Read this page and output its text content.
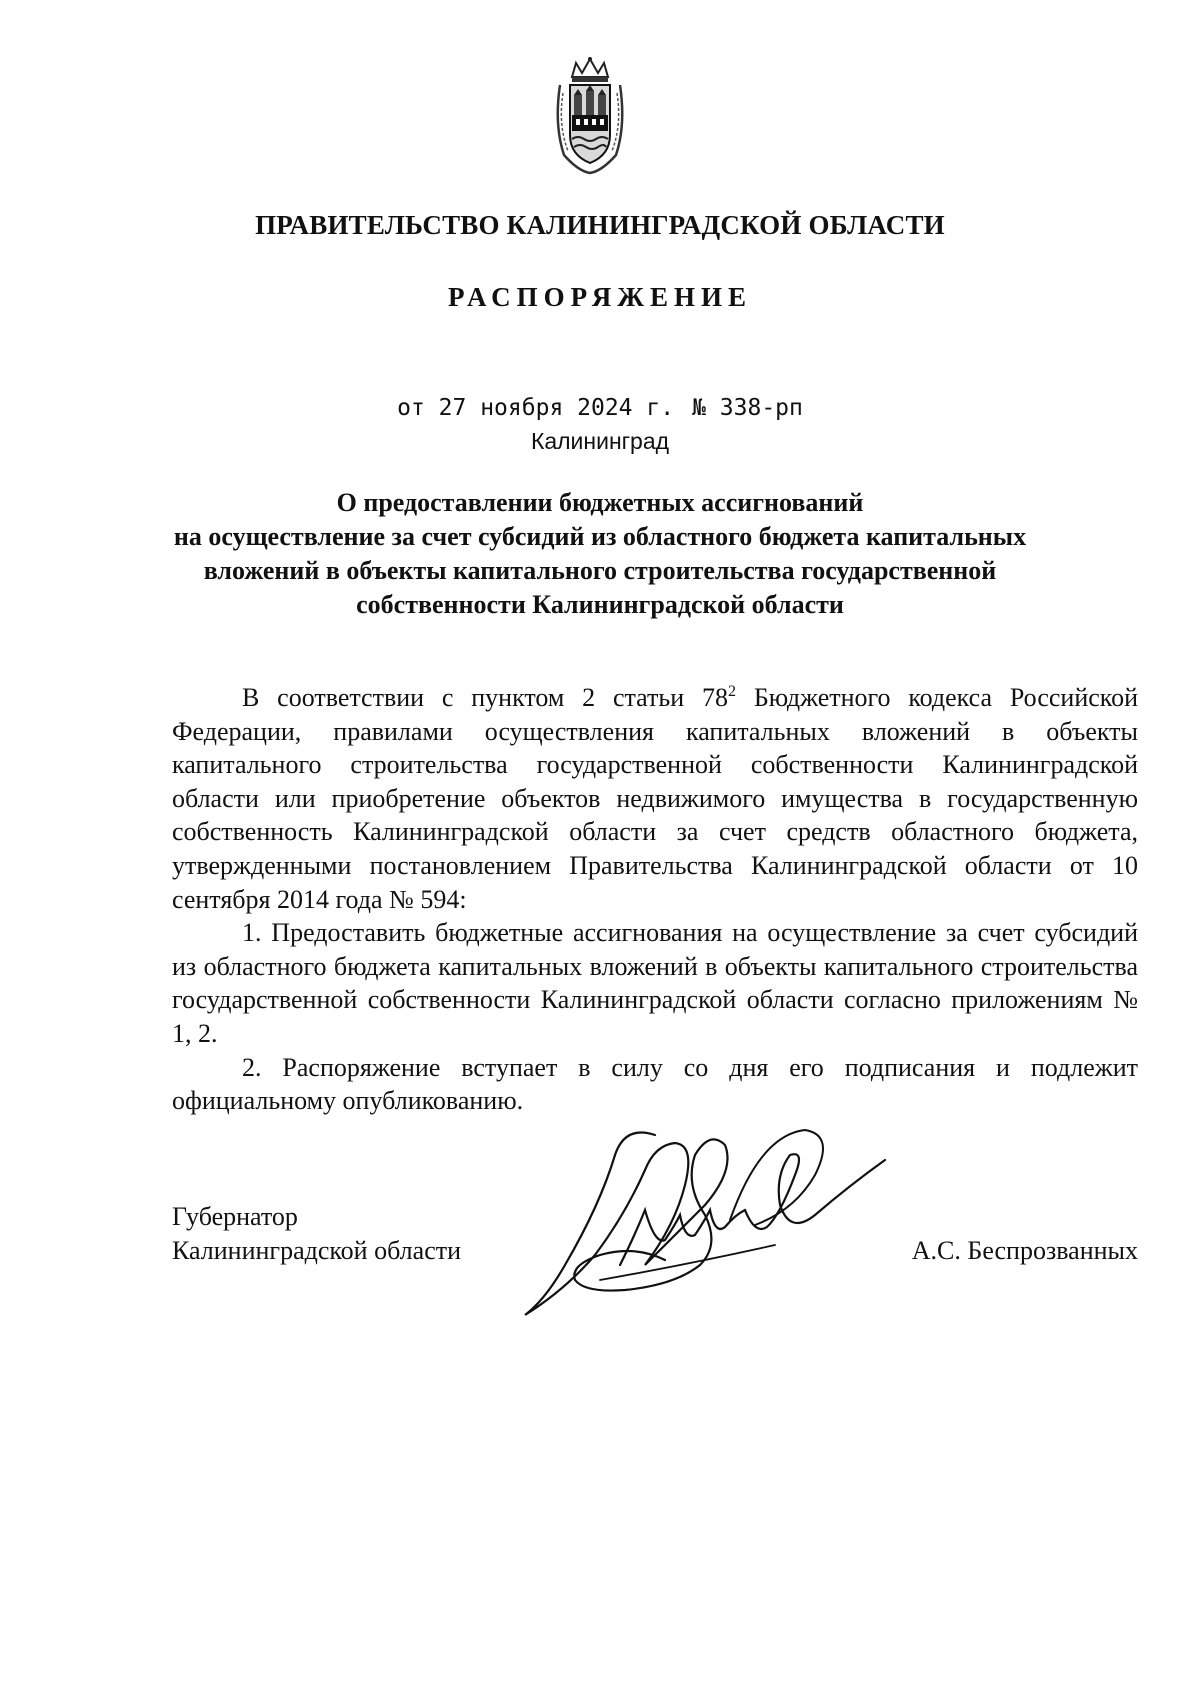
ПРАВИТЕЛЬСТВО КАЛИНИНГРАДСКОЙ ОБЛАСТИ
РАСПОРЯЖЕНИЕ
от 27 ноября 2024 г. № 338-рп
Калининград
О предоставлении бюджетных ассигнований
на осуществление за счет субсидий из областного бюджета капитальных
вложений в объекты капитального строительства государственной
собственности Калининградской области

В соответствии с пунктом 2 статьи $78^2$ Бюджетного кодекса Российской Федерации, правилами осуществления капитальных вложений в объекты капитального строительства государственной собственности Калининградской области или приобретение объектов недвижимого имущества в государственную собственность Калининградской области за счет средств областного бюджета, утвержденными постановлением Правительства Калининградской области от 10 сентября 2014 года № 594:

1. Предоставить бюджетные ассигнования на осуществление за счет субсидий из областного бюджета капитальных вложений в объекты капитального строительства государственной собственности Калининградской области согласно приложениям № 1, 2.

2. Распоряжение вступает в силу со дня его подписания и подлежит официальному опубликованию.

Губернатор
Калининградской области	А.С. Беспрозванных
